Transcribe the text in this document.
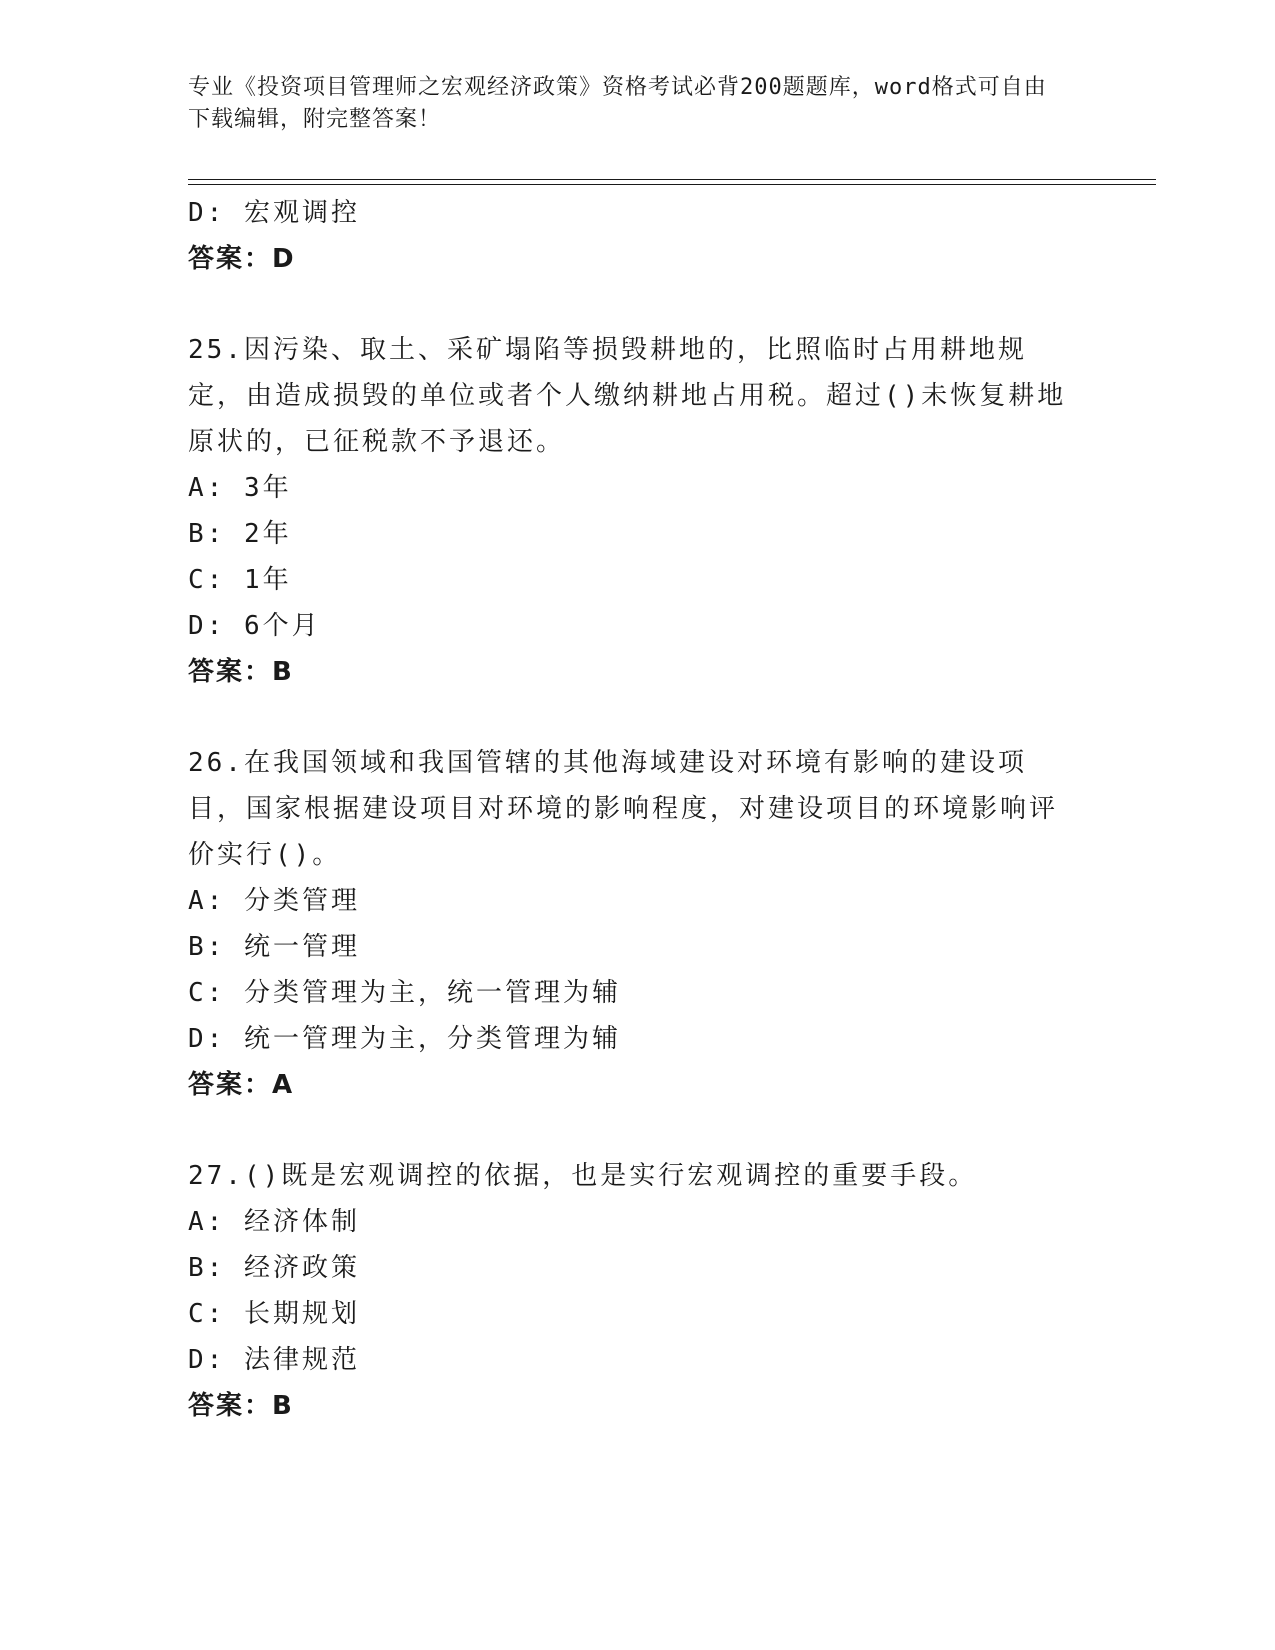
专业《投资项目管理师之宏观经济政策》资格考试必背200题题库，word格式可自由下载编辑，附完整答案！
D: 宏观调控
答案：D
25.因污染、取土、采矿塌陷等损毁耕地的，比照临时占用耕地规定，由造成损毁的单位或者个人缴纳耕地占用税。超过()未恢复耕地原状的，已征税款不予退还。
A: 3年
B: 2年
C: 1年
D: 6个月
答案：B
26.在我国领域和我国管辖的其他海域建设对环境有影响的建设项目，国家根据建设项目对环境的影响程度，对建设项目的环境影响评价实行()。
A: 分类管理
B: 统一管理
C: 分类管理为主，统一管理为辅
D: 统一管理为主，分类管理为辅
答案：A
27.()既是宏观调控的依据，也是实行宏观调控的重要手段。
A: 经济体制
B: 经济政策
C: 长期规划
D: 法律规范
答案：B
